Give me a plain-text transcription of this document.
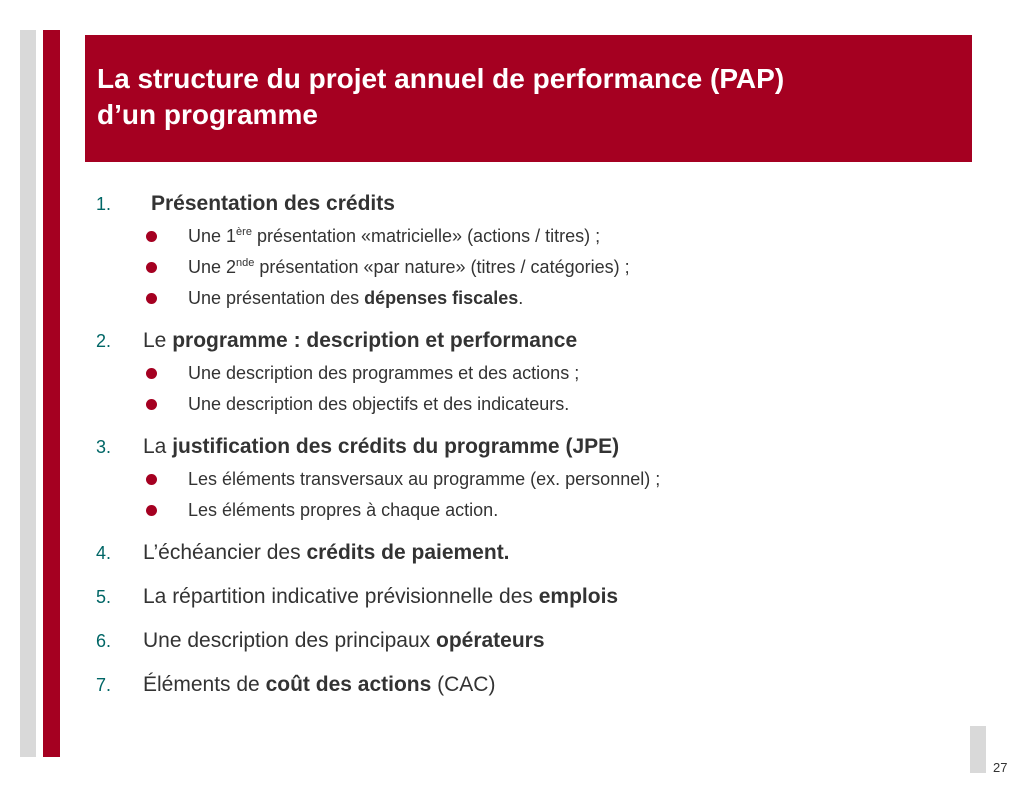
La structure du projet annuel de performance (PAP)
d’un programme
1. Présentation des crédits
Une 1ère présentation «matricielle» (actions / titres) ;
Une 2nde présentation «par nature» (titres / catégories) ;
Une présentation des dépenses fiscales.
2. Le programme : description et performance
Une description des programmes et des actions ;
Une description des objectifs et des indicateurs.
3. La justification des crédits du programme (JPE)
Les éléments transversaux au programme (ex. personnel) ;
Les éléments propres à chaque action.
4. L’échéancier des crédits de paiement.
5. La répartition indicative prévisionnelle des emplois
6. Une description des principaux opérateurs
7. Éléments de coût des actions (CAC)
27
